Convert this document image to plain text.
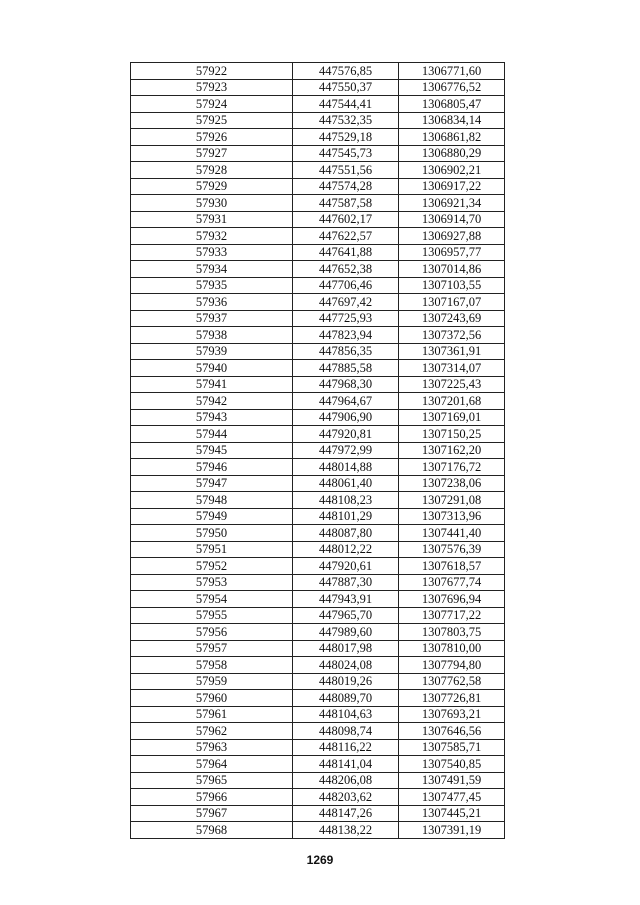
57922	447576,85	1306771,60
57923	447550,37	1306776,52
57924	447544,41	1306805,47
57925	447532,35	1306834,14
57926	447529,18	1306861,82
57927	447545,73	1306880,29
57928	447551,56	1306902,21
57929	447574,28	1306917,22
57930	447587,58	1306921,34
57931	447602,17	1306914,70
57932	447622,57	1306927,88
57933	447641,88	1306957,77
57934	447652,38	1307014,86
57935	447706,46	1307103,55
57936	447697,42	1307167,07
57937	447725,93	1307243,69
57938	447823,94	1307372,56
57939	447856,35	1307361,91
57940	447885,58	1307314,07
57941	447968,30	1307225,43
57942	447964,67	1307201,68
57943	447906,90	1307169,01
57944	447920,81	1307150,25
57945	447972,99	1307162,20
57946	448014,88	1307176,72
57947	448061,40	1307238,06
57948	448108,23	1307291,08
57949	448101,29	1307313,96
57950	448087,80	1307441,40
57951	448012,22	1307576,39
57952	447920,61	1307618,57
57953	447887,30	1307677,74
57954	447943,91	1307696,94
57955	447965,70	1307717,22
57956	447989,60	1307803,75
57957	448017,98	1307810,00
57958	448024,08	1307794,80
57959	448019,26	1307762,58
57960	448089,70	1307726,81
57961	448104,63	1307693,21
57962	448098,74	1307646,56
57963	448116,22	1307585,71
57964	448141,04	1307540,85
57965	448206,08	1307491,59
57966	448203,62	1307477,45
57967	448147,26	1307445,21
57968	448138,22	1307391,19
1269
